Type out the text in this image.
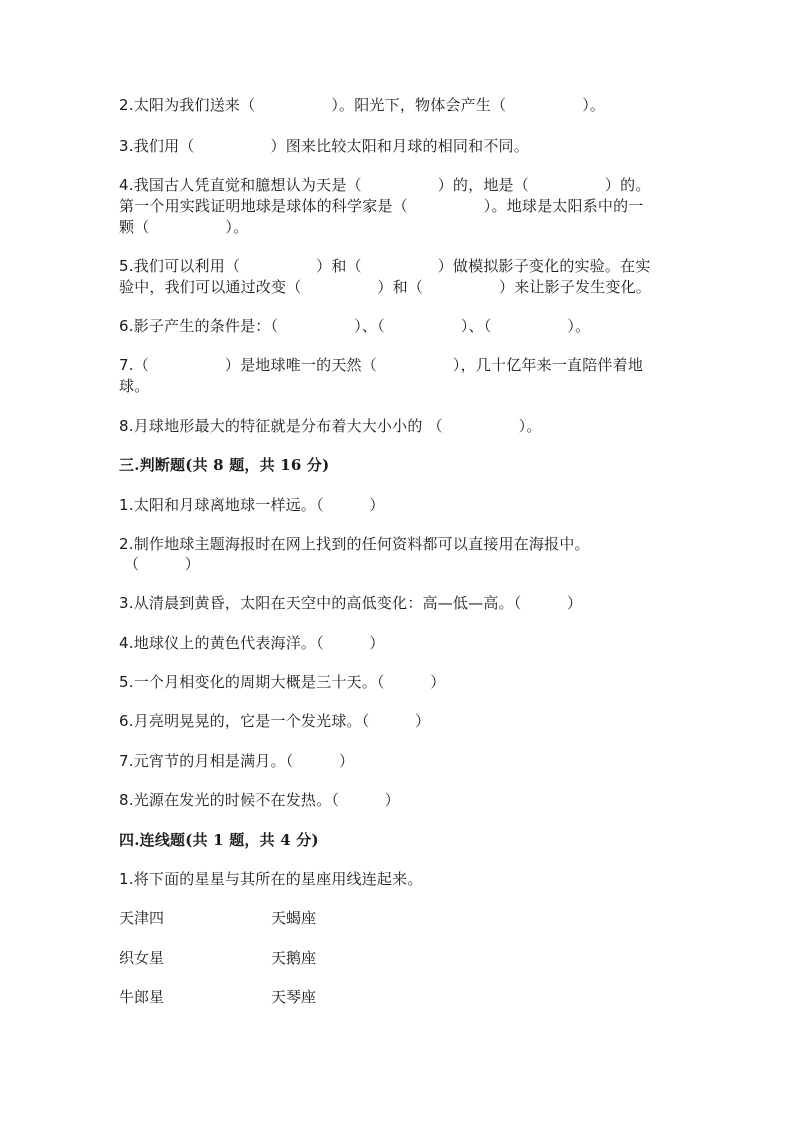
2.太阳为我们送来（　　　　　）。阳光下，物体会产生（　　　　　）。
3.我们用（　　　　　）图来比较太阳和月球的相同和不同。
4.我国古人凭直觉和臆想认为天是（　　　　　）的，地是（　　　　　）的。
第一个用实践证明地球是球体的科学家是（　　　　　）。地球是太阳系中的一
颗（　　　　　）。
5.我们可以利用（　　　　　）和（　　　　　）做模拟影子变化的实验。在实
验中，我们可以通过改变（　　　　　）和（　　　　　）来让影子发生变化。
6.影子产生的条件是：（　　　　　）、（　　　　　）、（　　　　　）。
7.（　　　　　）是地球唯一的天然（　　　　　），几十亿年来一直陪伴着地
球。
8.月球地形最大的特征就是分布着大大小小的 （　　　　　）。
三.判断题(共 8 题，共 16 分)
1.太阳和月球离地球一样远。（　　　）
2.制作地球主题海报时在网上找到的任何资料都可以直接用在海报中。
（　　　）
3.从清晨到黄昏，太阳在天空中的高低变化：高—低—高。（　　　）
4.地球仪上的黄色代表海洋。（　　　）
5.一个月相变化的周期大概是三十天。（　　　）
6.月亮明晃晃的，它是一个发光球。（　　　）
7.元宵节的月相是满月。（　　　）
8.光源在发光的时候不在发热。（　　　）
四.连线题(共 1 题，共 4 分)
1.将下面的星星与其所在的星座用线连起来。
天津四	天蝎座
织女星	天鹅座
牛郎星	天琴座
